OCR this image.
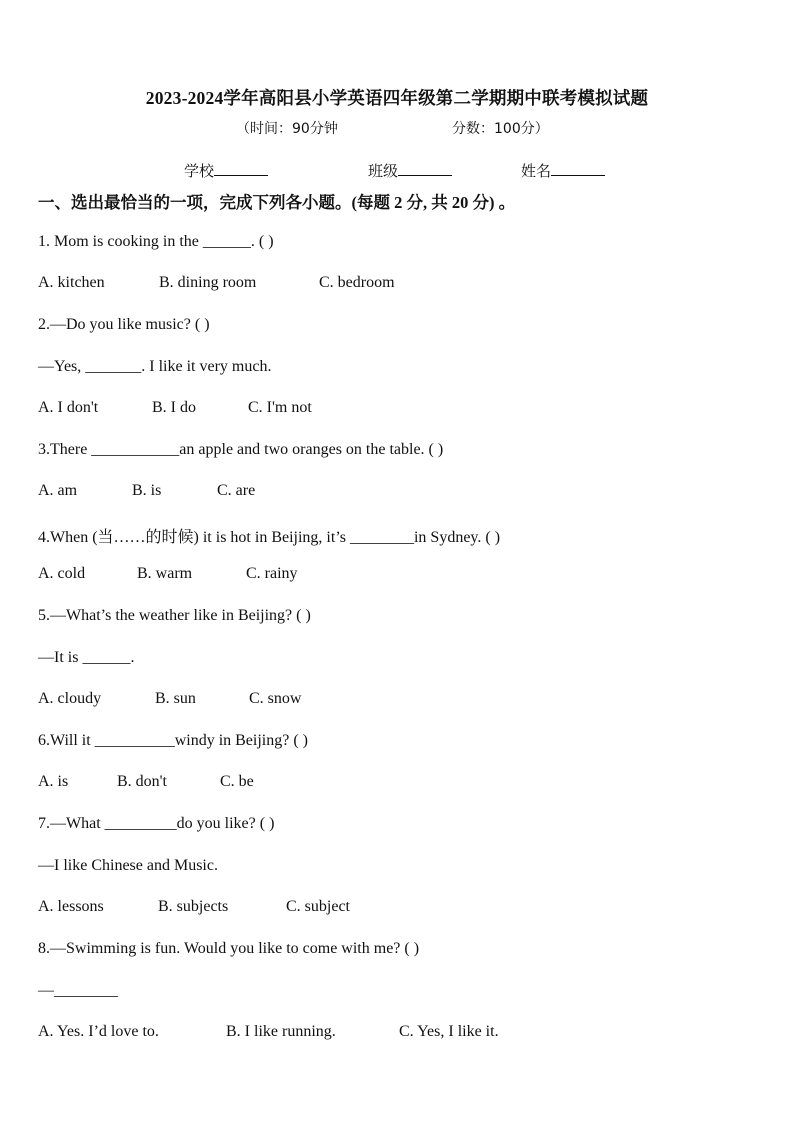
2023-2024学年高阳县小学英语四年级第二学期期中联考模拟试题
（时间：90分钟	分数：100分）
学校	班级	姓名
一、选出最恰当的一项，完成下列各小题。(每题 2 分, 共 20 分) 。
1. Mom is cooking in the ______. ( )
A. kitchen	B. dining room	C. bedroom
2.—Do you like music? ( )
—Yes, _______. I like it very much.
A. I don't	B. I do	C. I'm not
3.There ___________an apple and two oranges on the table. ( )
A. am	B. is	C. are
4.When (当……的时候) it is hot in Beijing, it’s ________in Sydney. ( )
A. cold	B. warm	C. rainy
5.—What’s the weather like in Beijing? ( )
—It is ______.
A. cloudy	B. sun	C. snow
6.Will it __________windy in Beijing? ( )
A. is	B. don't	C. be
7.—What _________do you like? ( )
—I like Chinese and Music.
A. lessons	B. subjects	C. subject
8.—Swimming is fun. Would you like to come with me? ( )
—________
A. Yes. I’d love to.	B. I like running.	C. Yes, I like it.
